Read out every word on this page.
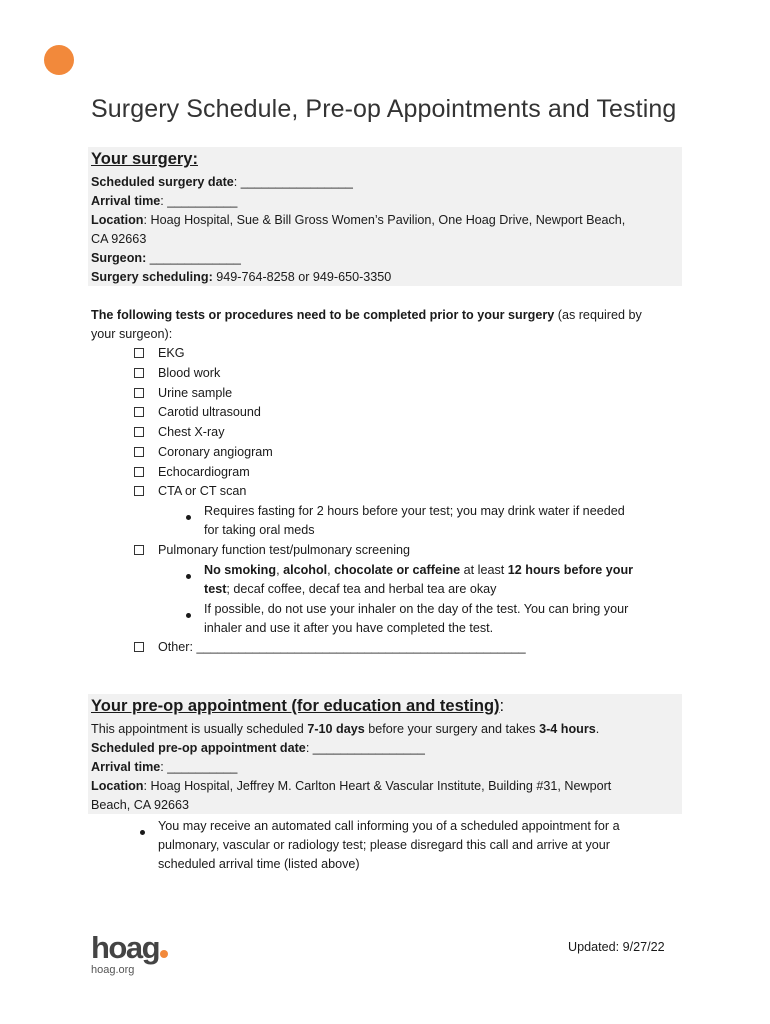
Surgery Schedule, Pre-op Appointments and Testing
Your surgery:
Scheduled surgery date: ________________
Arrival time: __________
Location: Hoag Hospital, Sue & Bill Gross Women’s Pavilion, One Hoag Drive, Newport Beach,
CA 92663
Surgeon: _____________
Surgery scheduling: 949-764-8258 or 949-650-3350
The following tests or procedures need to be completed prior to your surgery (as required by
your surgeon):
EKG
Blood work
Urine sample
Carotid ultrasound
Chest X-ray
Coronary angiogram
Echocardiogram
CTA or CT scan
Requires fasting for 2 hours before your test; you may drink water if needed
for taking oral meds
Pulmonary function test/pulmonary screening
No smoking, alcohol, chocolate or caffeine at least 12 hours before your
test; decaf coffee, decaf tea and herbal tea are okay
If possible, do not use your inhaler on the day of the test. You can bring your
inhaler and use it after you have completed the test.
Other: _______________________________________________
Your pre-op appointment (for education and testing):
This appointment is usually scheduled 7-10 days before your surgery and takes 3-4 hours.
Scheduled pre-op appointment date: ________________
Arrival time: __________
Location: Hoag Hospital, Jeffrey M. Carlton Heart & Vascular Institute, Building #31, Newport
Beach, CA 92663
You may receive an automated call informing you of a scheduled appointment for a
pulmonary, vascular or radiology test; please disregard this call and arrive at your
scheduled arrival time (listed above)
hoag
hoag.org
Updated: 9/27/22
